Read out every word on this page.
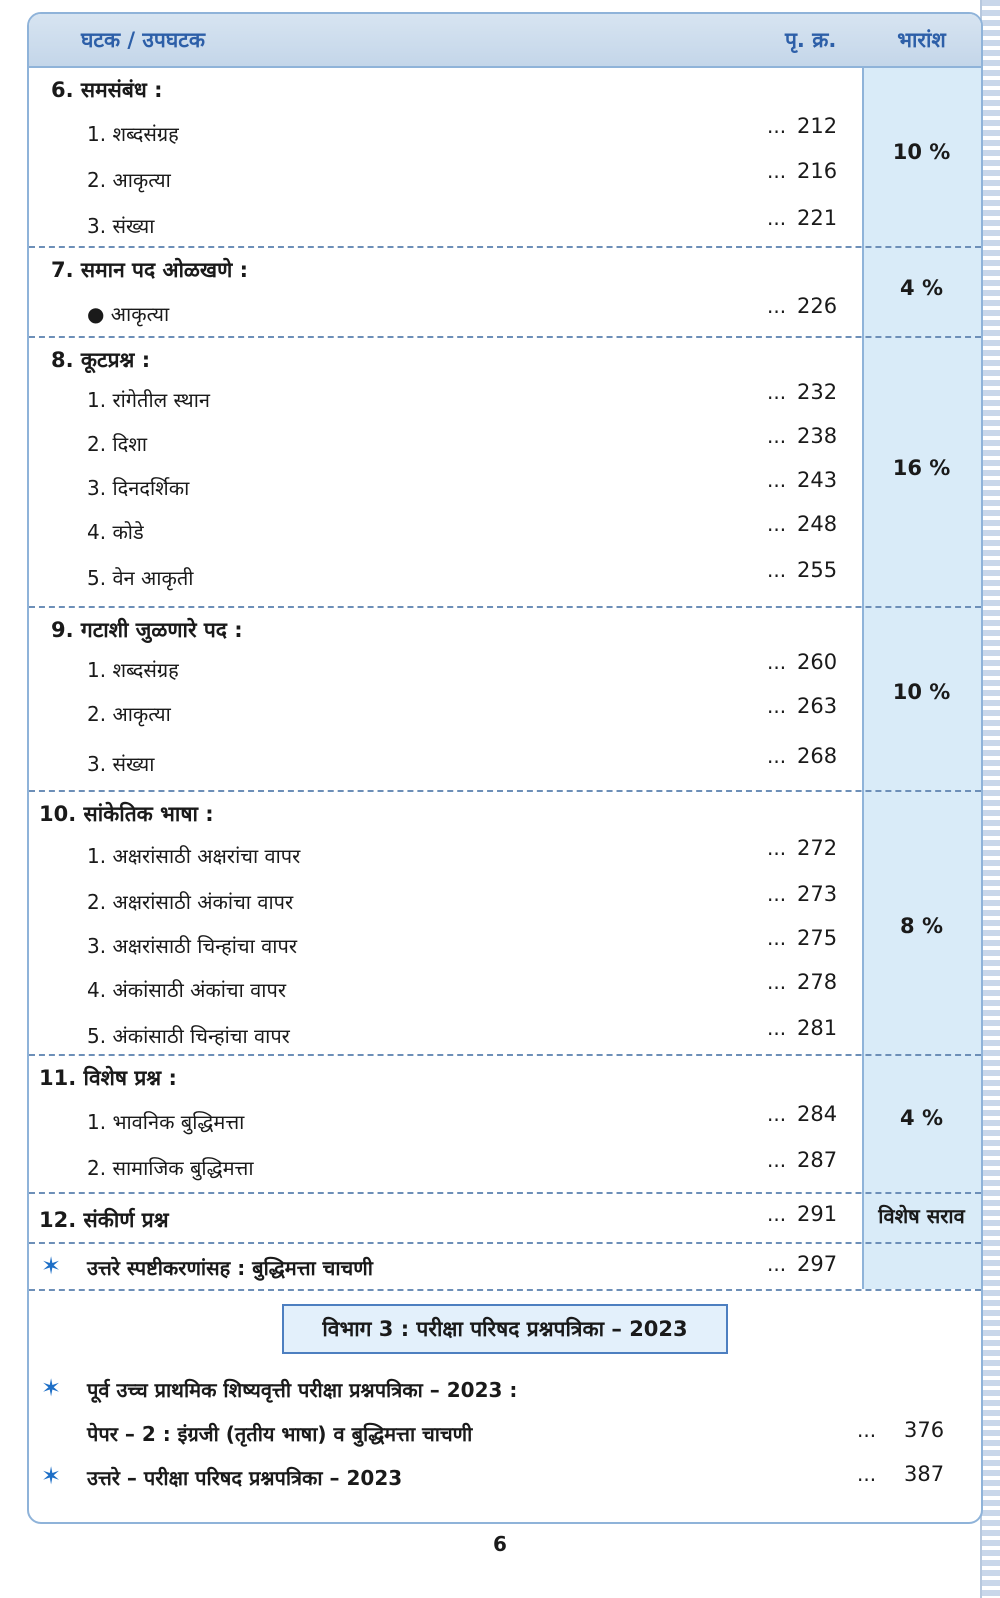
घटक / उपघटक	पृ. क्र.	भारांश
6. समसंबंध :
1. शब्दसंग्रह	... 212
2. आकृत्या	... 216
3. संख्या	... 221
10 %
7. समान पद ओळखणे :
● आकृत्या	... 226
4 %
8. कूटप्रश्न :
1. रांगेतील स्थान	... 232
2. दिशा	... 238
3. दिनदर्शिका	... 243
4. कोडे	... 248
5. वेन आकृती	... 255
16 %
9. गटाशी जुळणारे पद :
1. शब्दसंग्रह	... 260
2. आकृत्या	... 263
3. संख्या	... 268
10 %
10. सांकेतिक भाषा :
1. अक्षरांसाठी अक्षरांचा वापर	... 272
2. अक्षरांसाठी अंकांचा वापर	... 273
3. अक्षरांसाठी चिन्हांचा वापर	... 275
4. अंकांसाठी अंकांचा वापर	... 278
5. अंकांसाठी चिन्हांचा वापर	... 281
8 %
11. विशेष प्रश्न :
1. भावनिक बुद्धिमत्ता	... 284
2. सामाजिक बुद्धिमत्ता	... 287
4 %
12. संकीर्ण प्रश्न	... 291	विशेष सराव
✶ उत्तरे स्पष्टीकरणांसह : बुद्धिमत्ता चाचणी	... 297
विभाग 3 : परीक्षा परिषद प्रश्नपत्रिका – 2023
✶ पूर्व उच्च प्राथमिक शिष्यवृत्ती परीक्षा प्रश्नपत्रिका – 2023 :
पेपर – 2 : इंग्रजी (तृतीय भाषा) व बुद्धिमत्ता चाचणी	... 376
✶ उत्तरे – परीक्षा परिषद प्रश्नपत्रिका – 2023	... 387
6
